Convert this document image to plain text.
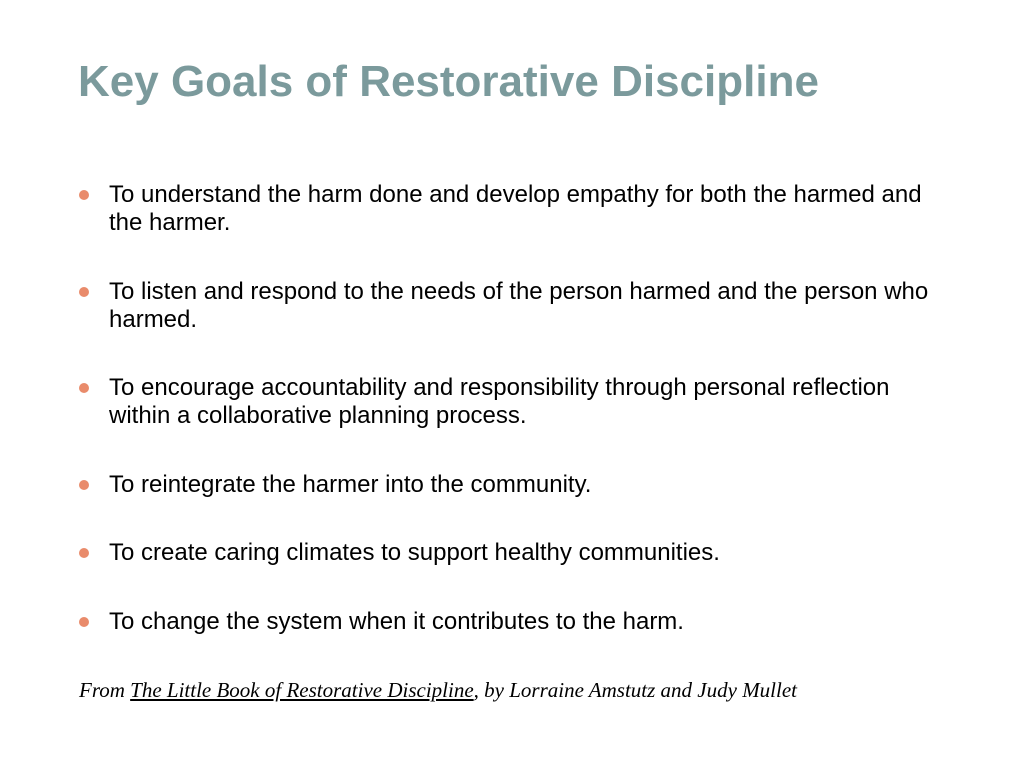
Key Goals of Restorative Discipline
To understand the harm done and develop empathy for both the harmed and the harmer.
To listen and respond to the needs of the person harmed and the person who harmed.
To encourage accountability and responsibility through personal reflection within a collaborative planning process.
To reintegrate the harmer into the community.
To create caring climates to support healthy communities.
To change the system when it contributes to the harm.

From The Little Book of Restorative Discipline, by Lorraine Amstutz and Judy Mullet
